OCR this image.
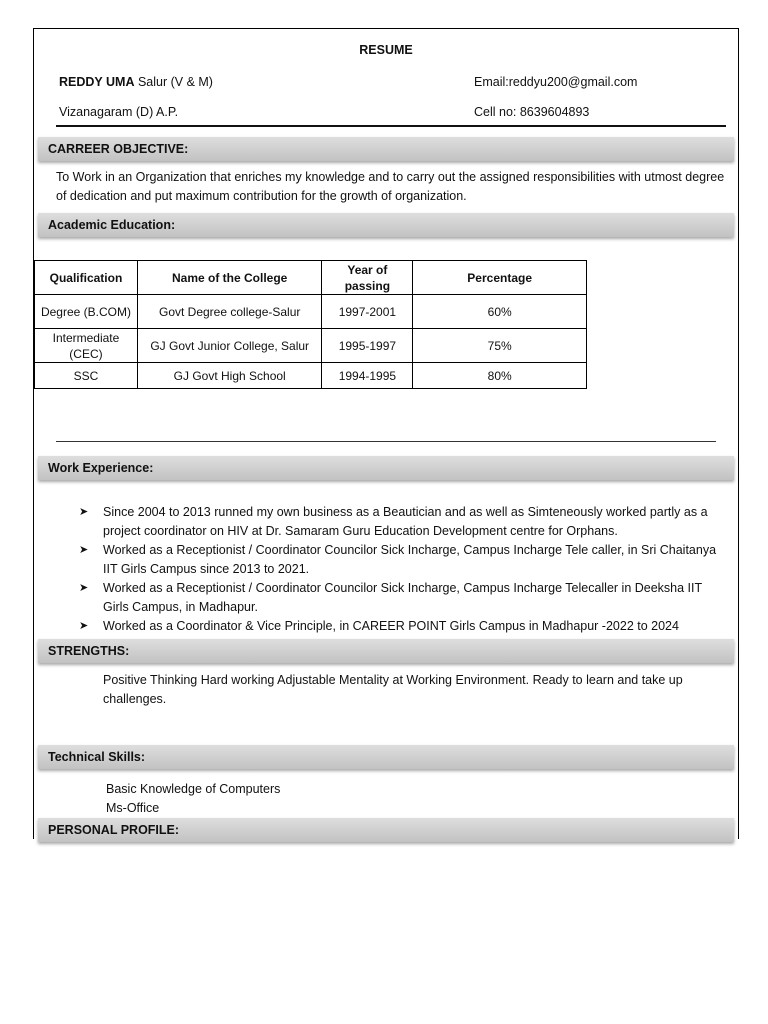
RESUME
REDDY UMA Salur (V & M)	Email:reddyu200@gmail.com
Vizanagaram (D) A.P.	Cell no: 8639604893
CARREER OBJECTIVE:
To Work in an Organization that enriches my knowledge and to carry out the assigned responsibilities with utmost degree of dedication and put maximum contribution for the growth of organization.
Academic Education:
Qualification	Name of the College	Year of passing	Percentage
Degree (B.COM)	Govt Degree college-Salur	1997-2001	60%
Intermediate (CEC)	GJ Govt Junior College, Salur	1995-1997	75%
SSC	GJ Govt High School	1994-1995	80%
Work Experience:
➤ Since 2004 to 2013 runned my own business as a Beautician and as well as Simteneously worked partly as a project coordinator on HIV at Dr. Samaram Guru Education Development centre for Orphans.
➤ Worked as a Receptionist / Coordinator Councilor Sick Incharge, Campus Incharge Tele caller, in Sri Chaitanya IIT Girls Campus since 2013 to 2021.
➤ Worked as a Receptionist / Coordinator Councilor Sick Incharge, Campus Incharge Telecaller in Deeksha IIT Girls Campus, in Madhapur.
➤ Worked as a Coordinator & Vice Principle, in CAREER POINT Girls Campus in Madhapur -2022 to 2024
STRENGTHS:
Positive Thinking Hard working Adjustable Mentality at Working Environment. Ready to learn and take up challenges.
Technical Skills:
Basic Knowledge of Computers
Ms-Office
PERSONAL PROFILE:
